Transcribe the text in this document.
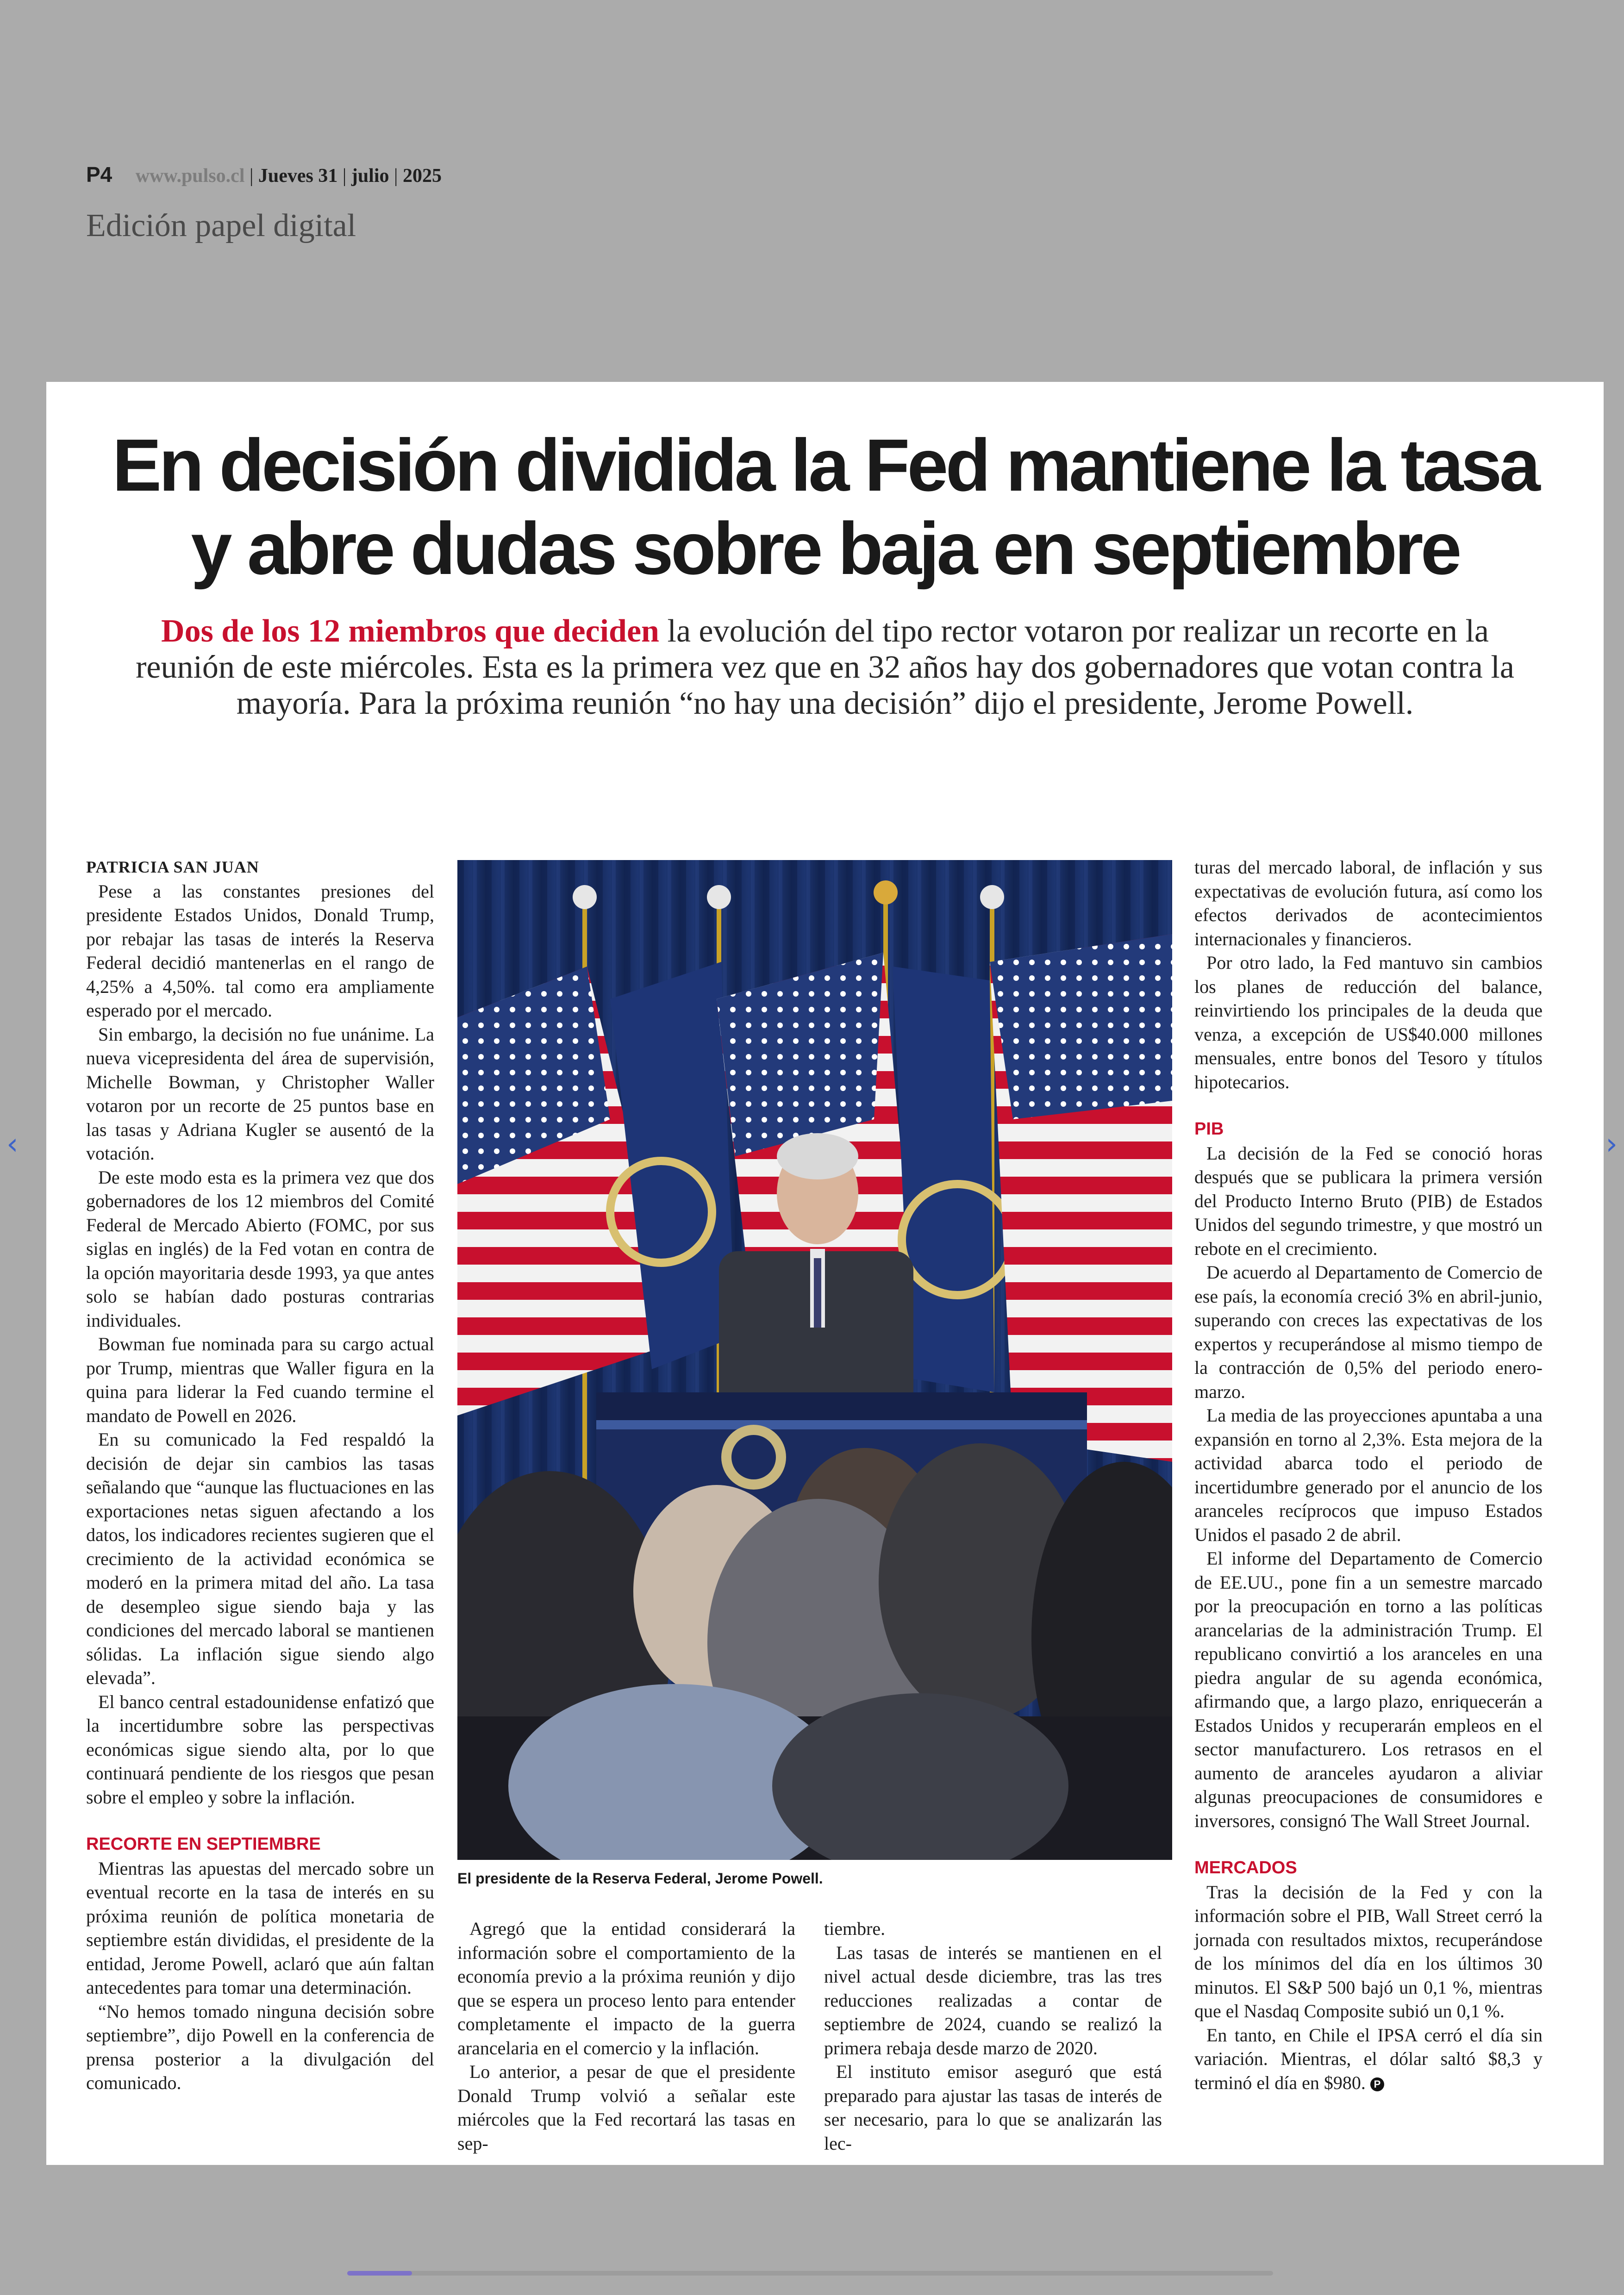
P4 www.pulso.cl | Jueves 31 | julio | 2025
Edición papel digital
‹	›
En decisión dividida la Fed mantiene la tasa
y abre dudas sobre baja en septiembre
Dos de los 12 miembros que deciden la evolución del tipo rector votaron por realizar un recorte en la reunión de este miércoles. Esta es la primera vez que en 32 años hay dos gobernadores que votan contra la mayoría. Para la próxima reunión “no hay una decisión” dijo el presidente, Jerome Powell.
PATRICIA SAN JUAN

Pese a las constantes presiones del presidente Estados Unidos, Donald Trump, por rebajar las tasas de interés la Reserva Federal decidió mantenerlas en el rango de 4,25% a 4,50%. tal como era ampliamente esperado por el mercado.

Sin embargo, la decisión no fue unánime. La nueva vicepresidenta del área de supervisión, Michelle Bowman, y Christopher Waller votaron por un recorte de 25 puntos base en las tasas y Adriana Kugler se ausentó de la votación.

De este modo esta es la primera vez que dos gobernadores de los 12 miembros del Comité Federal de Mercado Abierto (FOMC, por sus siglas en inglés) de la Fed votan en contra de la opción mayoritaria desde 1993, ya que antes solo se habían dado posturas contrarias individuales.

Bowman fue nominada para su cargo actual por Trump, mientras que Waller figura en la quina para liderar la Fed cuando termine el mandato de Powell en 2026.

En su comunicado la Fed respaldó la decisión de dejar sin cambios las tasas señalando que “aunque las fluctuaciones en las exportaciones netas siguen afectando a los datos, los indicadores recientes sugieren que el crecimiento de la actividad económica se moderó en la primera mitad del año. La tasa de desempleo sigue siendo baja y las condiciones del mercado laboral se mantienen sólidas. La inflación sigue siendo algo elevada”.

El banco central estadounidense enfatizó que la incertidumbre sobre las perspectivas económicas sigue siendo alta, por lo que continuará pendiente de los riesgos que pesan sobre el empleo y sobre la inflación.

RECORTE EN SEPTIEMBRE

Mientras las apuestas del mercado sobre un eventual recorte en la tasa de interés en su próxima reunión de política monetaria de septiembre están divididas, el presidente de la entidad, Jerome Powell, aclaró que aún faltan antecedentes para tomar una determinación.

“No hemos tomado ninguna decisión sobre septiembre”, dijo Powell en la conferencia de prensa posterior a la divulgación del comunicado.

El presidente de la Reserva Federal, Jerome Powell.

Agregó que la entidad considerará la información sobre el comportamiento de la economía previo a la próxima reunión y dijo que se espera un proceso lento para entender completamente el impacto de la guerra arancelaria en el comercio y la inflación.

Lo anterior, a pesar de que el presidente Donald Trump volvió a señalar este miércoles que la Fed recortará las tasas en sep-

tiembre.

Las tasas de interés se mantienen en el nivel actual desde diciembre, tras las tres reducciones realizadas a contar de septiembre de 2024, cuando se realizó la primera rebaja desde marzo de 2020.

El instituto emisor aseguró que está preparado para ajustar las tasas de interés de ser necesario, para lo que se analizarán las lec-

turas del mercado laboral, de inflación y sus expectativas de evolución futura, así como los efectos derivados de acontecimientos internacionales y financieros.

Por otro lado, la Fed mantuvo sin cambios los planes de reducción del balance, reinvirtiendo los principales de la deuda que venza, a excepción de US$40.000 millones mensuales, entre bonos del Tesoro y títulos hipotecarios.

PIB

La decisión de la Fed se conoció horas después que se publicara la primera versión del Producto Interno Bruto (PIB) de Estados Unidos del segundo trimestre, y que mostró un rebote en el crecimiento.

De acuerdo al Departamento de Comercio de ese país, la economía creció 3% en abril-junio, superando con creces las expectativas de los expertos y recuperándose al mismo tiempo de la contracción de 0,5% del periodo enero-marzo.

La media de las proyecciones apuntaba a una expansión en torno al 2,3%. Esta mejora de la actividad abarca todo el periodo de incertidumbre generado por el anuncio de los aranceles recíprocos que impuso Estados Unidos el pasado 2 de abril.

El informe del Departamento de Comercio de EE.UU., pone fin a un semestre marcado por la preocupación en torno a las políticas arancelarias de la administración Trump. El republicano convirtió a los aranceles en una piedra angular de su agenda económica, afirmando que, a largo plazo, enriquecerán a Estados Unidos y recuperarán empleos en el sector manufacturero. Los retrasos en el aumento de aranceles ayudaron a aliviar algunas preocupaciones de consumidores e inversores, consignó The Wall Street Journal.

MERCADOS

Tras la decisión de la Fed y con la información sobre el PIB, Wall Street cerró la jornada con resultados mixtos, recuperándose de los mínimos del día en los últimos 30 minutos. El S&P 500 bajó un 0,1 %, mientras que el Nasdaq Composite subió un 0,1 %.

En tanto, en Chile el IPSA cerró el día sin variación. Mientras, el dólar saltó $8,3 y terminó el día en $980. P
